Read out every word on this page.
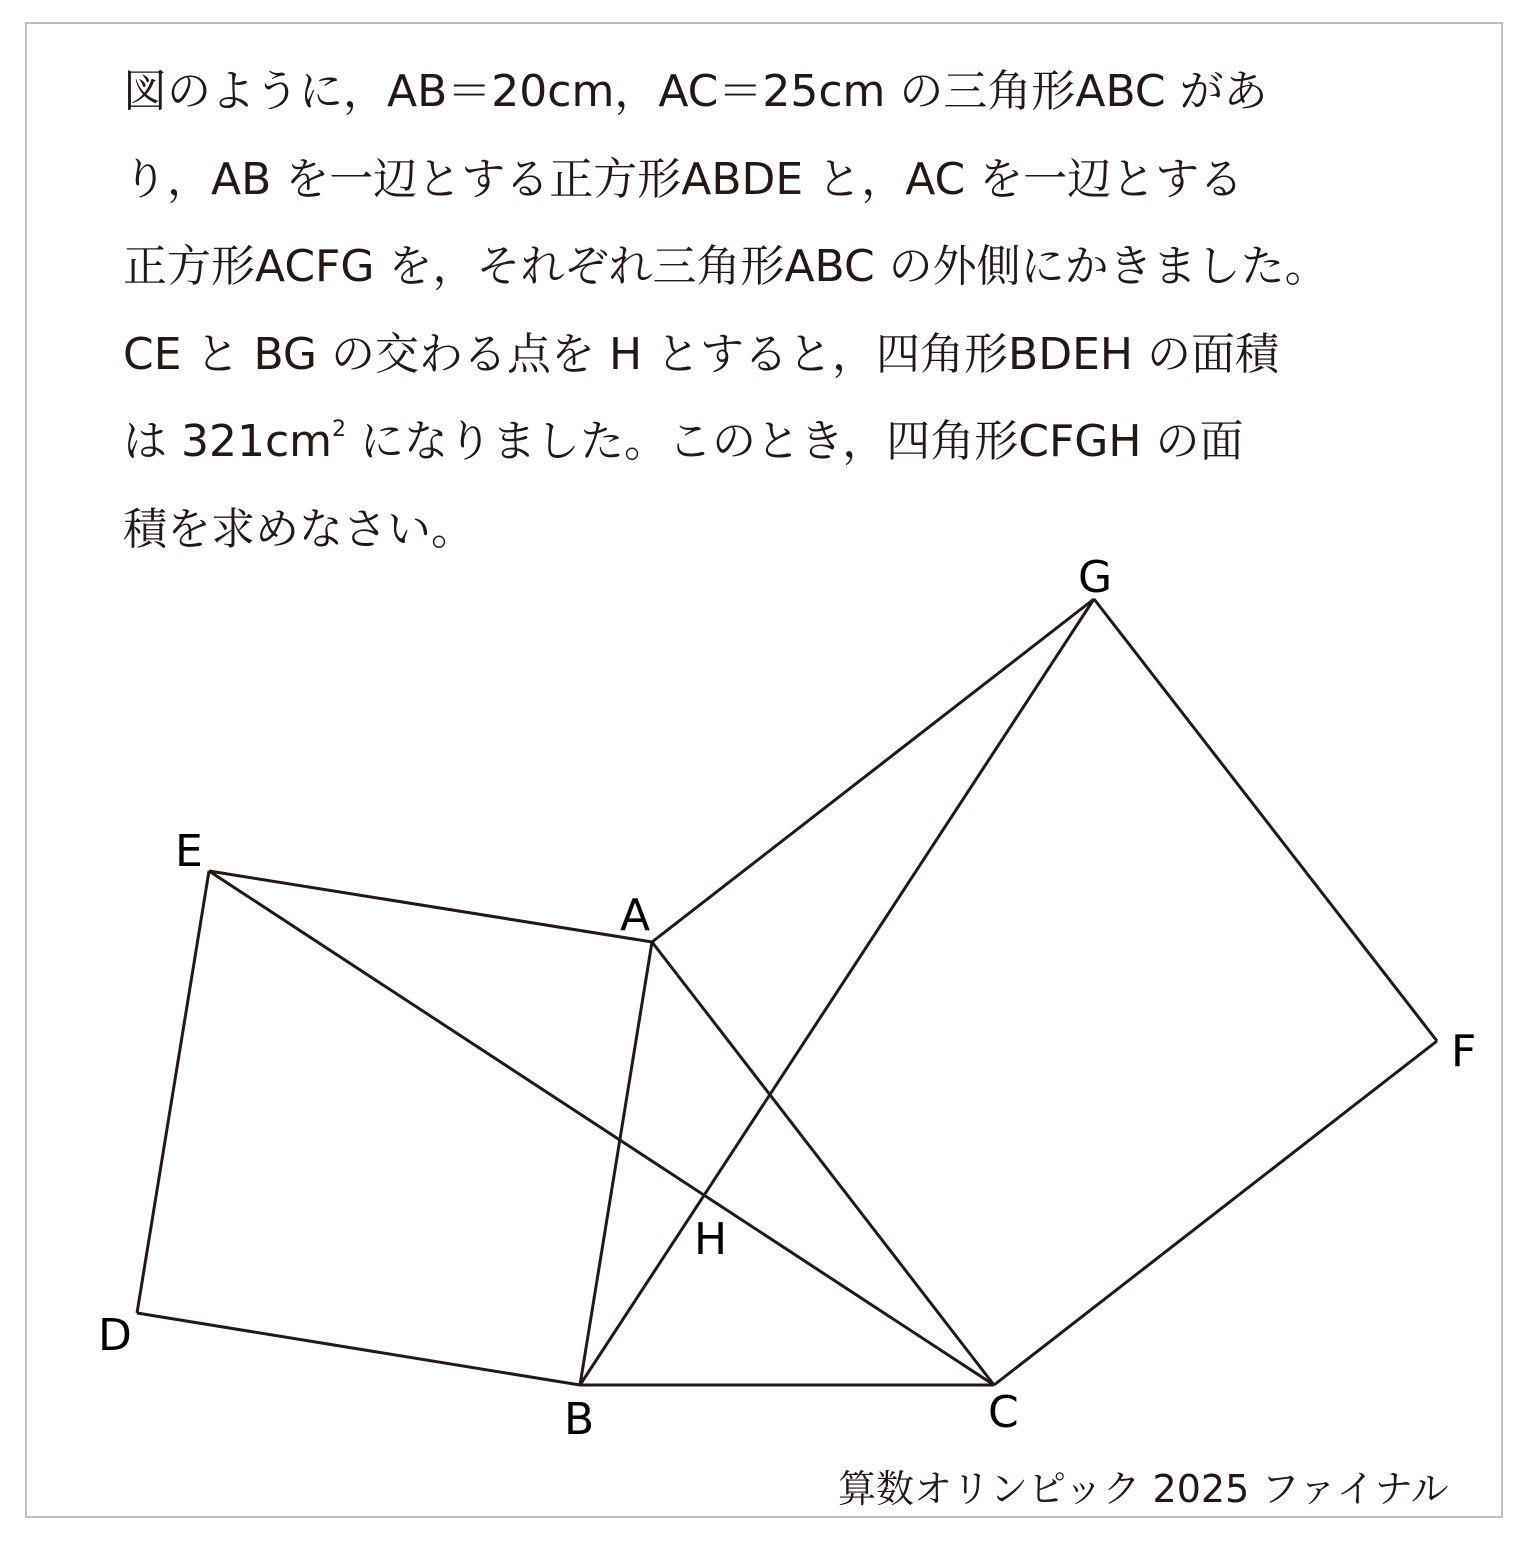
図のように，AB＝20cm，AC＝25cm の三角形ABC があ
り，AB を一辺とする正方形ABDE と，AC を一辺とする
正方形ACFG を，それぞれ三角形ABC の外側にかきました。
CE と BG の交わる点を H とすると，四角形BDEH の面積
は $321cm^2$ になりました。このとき，四角形CFGH の面
積を求めなさい。
A
B	C
D
E
F
G
H
算数オリンピック 2025 ファイナル
